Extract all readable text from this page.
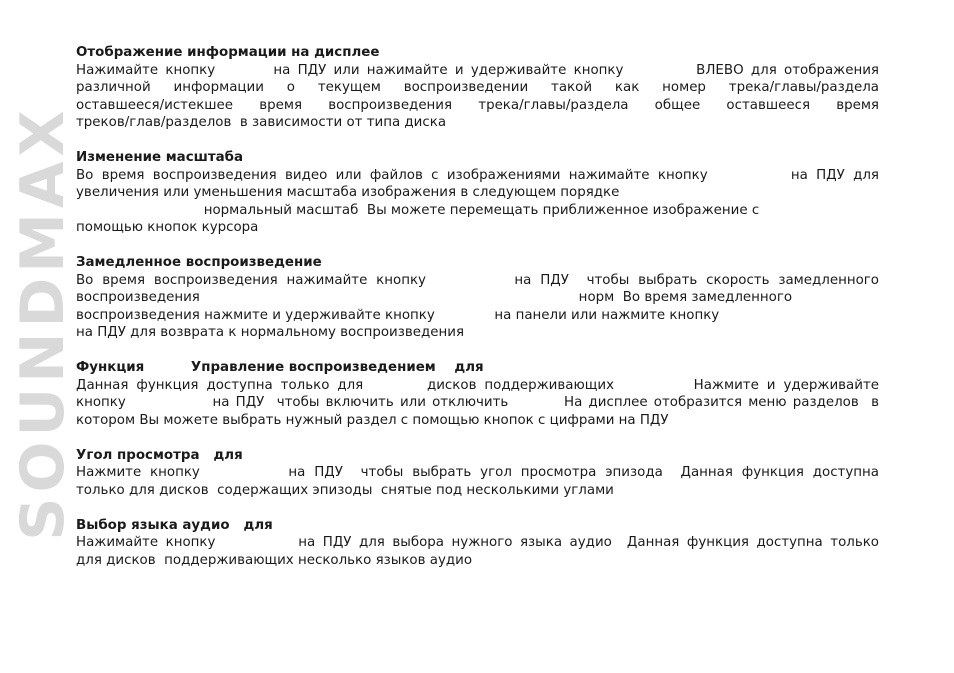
SOUNDMAX
Отображение информации на дисплее
Нажимайте кнопку        на ПДУ или нажимайте и удерживайте кнопку          ВЛЕВО для отображения
различной информации о текущем воспроизведении такой как номер трека/главы/раздела
оставшееся/истекшее время воспроизведения трека/главы/раздела общее оставшееся время
треков/глав/разделов  в зависимости от типа диска
Изменение масштаба
Во время воспроизведения видео или файлов с изображениями нажимайте кнопку          на ПДУ для
увеличения или уменьшения масштаба изображения в следующем порядке
нормальный масштаб  Вы можете перемещать приближенное изображение с
помощью кнопок курсора
Замедленное воспроизведение
Во время воспроизведения нажимайте кнопку          на ПДУ  чтобы выбрать скорость замедленного
воспроизведения                                                                                         норм  Во время замедленного
воспроизведения нажмите и удерживайте кнопку              на панели или нажмите кнопку
на ПДУ для возврата к нормальному воспроизведения
Функция          Управление воспроизведением    для
Данная функция доступна только для        дисков поддерживающих          Нажмите и удерживайте
кнопку              на ПДУ  чтобы включить или отключить         На дисплее отобразится меню разделов  в
котором Вы можете выбрать нужный раздел с помощью кнопок с цифрами на ПДУ
Угол просмотра   для
Нажмите кнопку          на ПДУ  чтобы выбрать угол просмотра эпизода  Данная функция доступна
только для дисков  содержащих эпизоды  снятые под несколькими углами
Выбор языка аудио   для
Нажимайте кнопку           на ПДУ для выбора нужного языка аудио  Данная функция доступна только
для дисков  поддерживающих несколько языков аудио
